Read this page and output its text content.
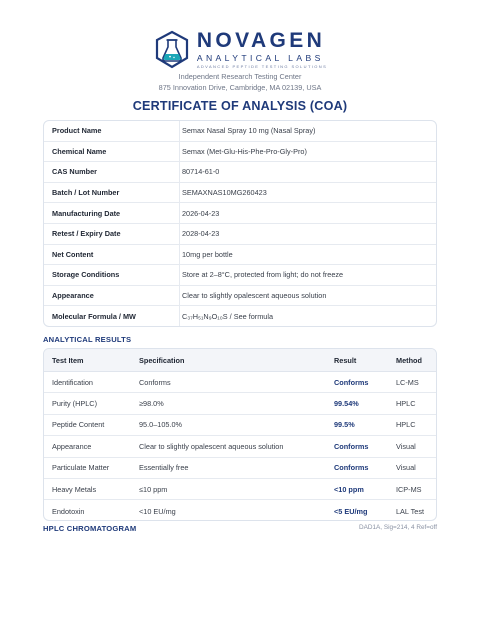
NOVAGEN
ANALYTICAL LABS
ADVANCED PEPTIDE TESTING SOLUTIONS
Independent Research Testing Center
875 Innovation Drive, Cambridge, MA 02139, USA
CERTIFICATE OF ANALYSIS (COA)
Product Name	Semax Nasal Spray 10 mg (Nasal Spray)
Chemical Name	Semax (Met-Glu-His-Phe-Pro-Gly-Pro)
CAS Number	80714-61-0
Batch / Lot Number	SEMAXNAS10MG260423
Manufacturing Date	2026-04-23
Retest / Expiry Date	2028-04-23
Net Content	10mg per bottle
Storage Conditions	Store at 2–8°C, protected from light; do not freeze
Appearance	Clear to slightly opalescent aqueous solution
Molecular Formula / MW	C₃₇H₅₁N₉O₁₀S / See formula
ANALYTICAL RESULTS
Test Item	Specification	Result	Method
Identification	Conforms	Conforms	LC-MS
Purity (HPLC)	≥98.0%	99.54%	HPLC
Peptide Content	95.0–105.0%	99.5%	HPLC
Appearance	Clear to slightly opalescent aqueous solution	Conforms	Visual
Particulate Matter	Essentially free	Conforms	Visual
Heavy Metals	≤10 ppm	<10 ppm	ICP-MS
Endotoxin	<10 EU/mg	<5 EU/mg	LAL Test
HPLC CHROMATOGRAM	DAD1A, Sig=214, 4 Ref=off
